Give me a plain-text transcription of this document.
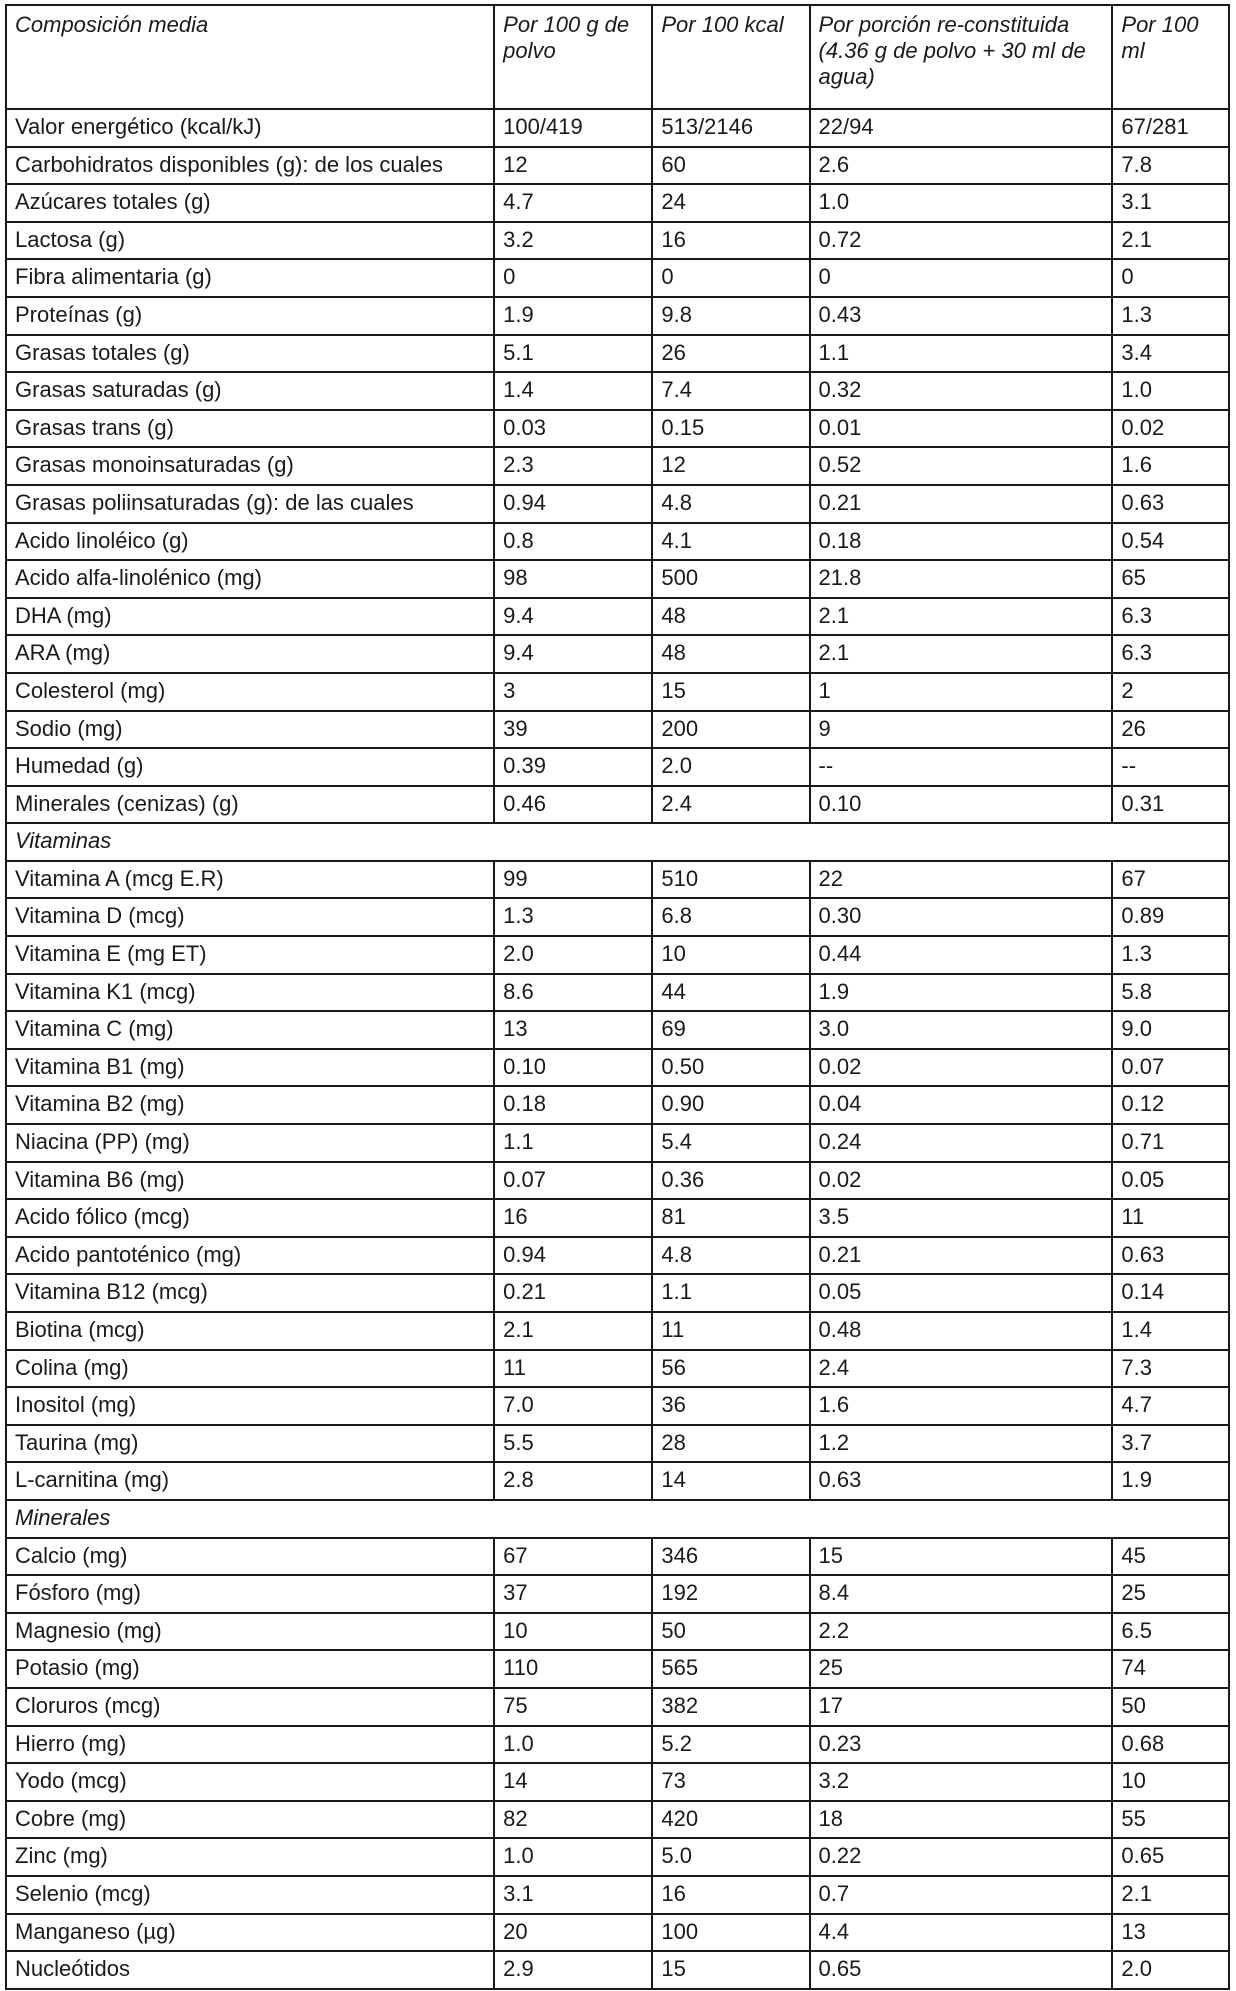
Composición media	Por 100 g de polvo	Por 100 kcal	Por porción re-constituida (4.36 g de polvo + 30 ml de agua)	Por 100 ml
Valor energético (kcal/kJ)	100/419	513/2146	22/94	67/281
Carbohidratos disponibles (g): de los cuales	12	60	2.6	7.8
Azúcares totales (g)	4.7	24	1.0	3.1
Lactosa (g)	3.2	16	0.72	2.1
Fibra alimentaria (g)	0	0	0	0
Proteínas (g)	1.9	9.8	0.43	1.3
Grasas totales (g)	5.1	26	1.1	3.4
Grasas saturadas (g)	1.4	7.4	0.32	1.0
Grasas trans (g)	0.03	0.15	0.01	0.02
Grasas monoinsaturadas (g)	2.3	12	0.52	1.6
Grasas poliinsaturadas (g): de las cuales	0.94	4.8	0.21	0.63
Acido linoléico (g)	0.8	4.1	0.18	0.54
Acido alfa-linolénico (mg)	98	500	21.8	65
DHA (mg)	9.4	48	2.1	6.3
ARA (mg)	9.4	48	2.1	6.3
Colesterol (mg)	3	15	1	2
Sodio (mg)	39	200	9	26
Humedad (g)	0.39	2.0	--	--
Minerales (cenizas) (g)	0.46	2.4	0.10	0.31
Vitaminas				
Vitamina A (mcg E.R)	99	510	22	67
Vitamina D (mcg)	1.3	6.8	0.30	0.89
Vitamina E (mg ET)	2.0	10	0.44	1.3
Vitamina K1 (mcg)	8.6	44	1.9	5.8
Vitamina C (mg)	13	69	3.0	9.0
Vitamina B1 (mg)	0.10	0.50	0.02	0.07
Vitamina B2 (mg)	0.18	0.90	0.04	0.12
Niacina (PP) (mg)	1.1	5.4	0.24	0.71
Vitamina B6 (mg)	0.07	0.36	0.02	0.05
Acido fólico (mcg)	16	81	3.5	11
Acido pantoténico (mg)	0.94	4.8	0.21	0.63
Vitamina B12 (mcg)	0.21	1.1	0.05	0.14
Biotina (mcg)	2.1	11	0.48	1.4
Colina (mg)	11	56	2.4	7.3
Inositol (mg)	7.0	36	1.6	4.7
Taurina (mg)	5.5	28	1.2	3.7
L-carnitina (mg)	2.8	14	0.63	1.9
Minerales				
Calcio (mg)	67	346	15	45
Fósforo (mg)	37	192	8.4	25
Magnesio (mg)	10	50	2.2	6.5
Potasio (mg)	110	565	25	74
Cloruros (mcg)	75	382	17	50
Hierro (mg)	1.0	5.2	0.23	0.68
Yodo (mcg)	14	73	3.2	10
Cobre (mg)	82	420	18	55
Zinc (mg)	1.0	5.0	0.22	0.65
Selenio (mcg)	3.1	16	0.7	2.1
Manganeso (µg)	20	100	4.4	13
Nucleótidos	2.9	15	0.65	2.0
